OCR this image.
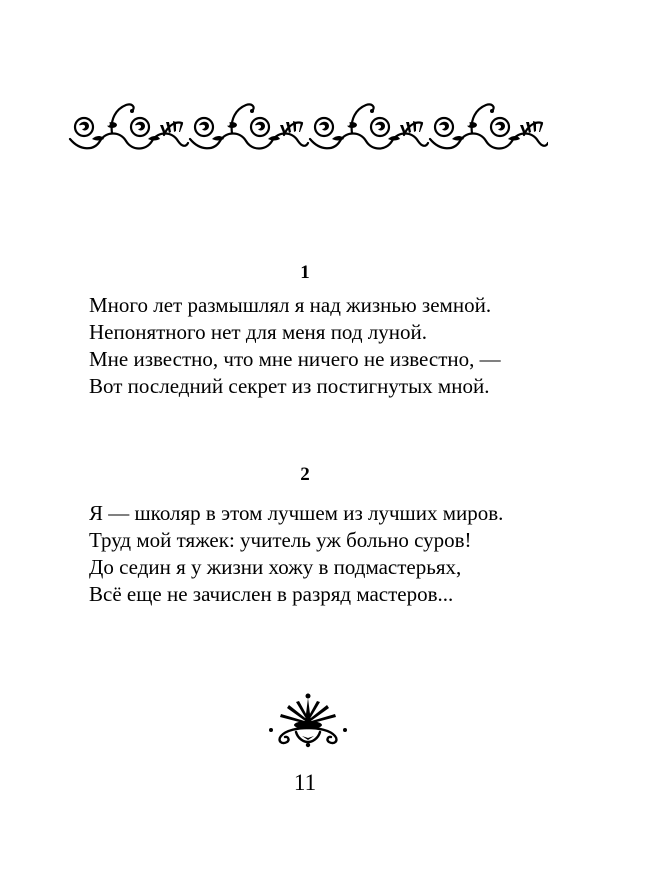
1
Много лет размышлял я над жизнью земной.
Непонятного нет для меня под луной.
Мне известно, что мне ничего не известно, —
Вот последний секрет из постигнутых мной.
2
Я — школяр в этом лучшем из лучших миров.
Труд мой тяжек: учитель уж больно суров!
До седин я у жизни хожу в подмастерьях,
Всё еще не зачислен в разряд мастеров...
11
